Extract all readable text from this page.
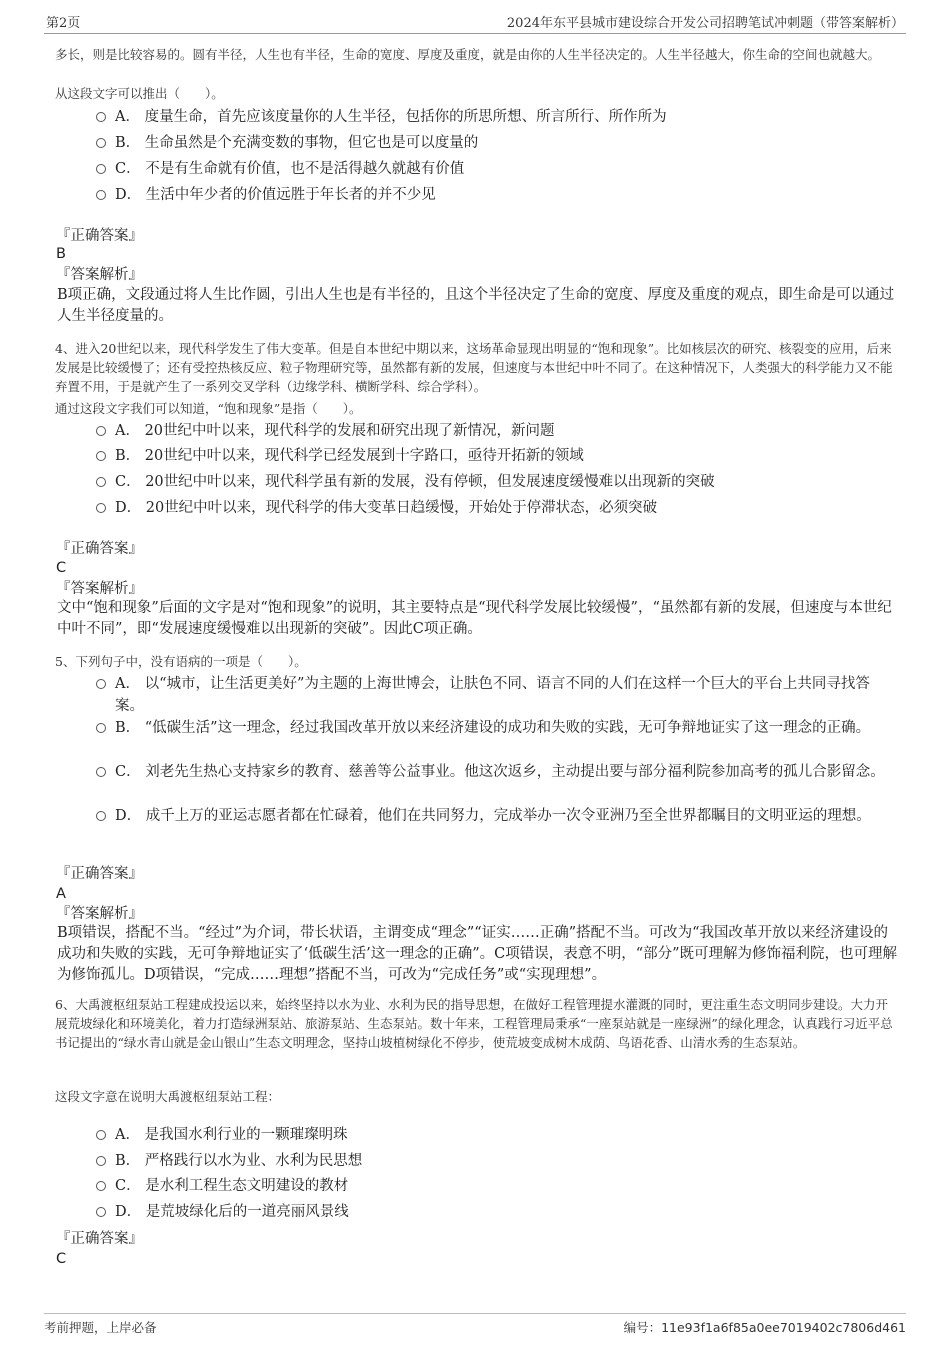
第2页	2024年东平县城市建设综合开发公司招聘笔试冲刺题（带答案解析）
多长，则是比较容易的。圆有半径，人生也有半径，生命的宽度、厚度及重度，就是由你的人生半径决定的。人生半径越大，你生命的空间也就越大。
从这段文字可以推出（　　）。
A． 度量生命，首先应该度量你的人生半径，包括你的所思所想、所言所行、所作所为
B． 生命虽然是个充满变数的事物，但它也是可以度量的
C． 不是有生命就有价值，也不是活得越久就越有价值
D． 生活中年少者的价值远胜于年长者的并不少见
『正确答案』
B
『答案解析』
B项正确，文段通过将人生比作圆，引出人生也是有半径的，且这个半径决定了生命的宽度、厚度及重度的观点，即生命是可以通过人生半径度量的。
4、进入20世纪以来，现代科学发生了伟大变革。但是自本世纪中期以来，这场革命显现出明显的“饱和现象”。比如核层次的研究、核裂变的应用，后来发展是比较缓慢了；还有受控热核反应、粒子物理研究等，虽然都有新的发展，但速度与本世纪中叶不同了。在这种情况下，人类强大的科学能力又不能弃置不用，于是就产生了一系列交叉学科（边缘学科、横断学科、综合学科）。
通过这段文字我们可以知道，“饱和现象”是指（　　）。
A． 20世纪中叶以来，现代科学的发展和研究出现了新情况，新问题
B． 20世纪中叶以来，现代科学已经发展到十字路口，亟待开拓新的领域
C． 20世纪中叶以来，现代科学虽有新的发展，没有停顿，但发展速度缓慢难以出现新的突破
D． 20世纪中叶以来，现代科学的伟大变革日趋缓慢，开始处于停滞状态，必须突破
『正确答案』
C
『答案解析』
文中“饱和现象”后面的文字是对“饱和现象”的说明，其主要特点是“现代科学发展比较缓慢”，“虽然都有新的发展，但速度与本世纪中叶不同”，即“发展速度缓慢难以出现新的突破”。因此C项正确。
5、下列句子中，没有语病的一项是（　　）。
A． 以“城市，让生活更美好”为主题的上海世博会，让肤色不同、语言不同的人们在这样一个巨大的平台上共同寻找答案。
B． “低碳生活”这一理念，经过我国改革开放以来经济建设的成功和失败的实践，无可争辩地证实了这一理念的正确。
C． 刘老先生热心支持家乡的教育、慈善等公益事业。他这次返乡，主动提出要与部分福利院参加高考的孤儿合影留念。
D． 成千上万的亚运志愿者都在忙碌着，他们在共同努力，完成举办一次令亚洲乃至全世界都瞩目的文明亚运的理想。
『正确答案』
A
『答案解析』
B项错误，搭配不当。“经过”为介词，带长状语，主谓变成“理念”“证实……正确”搭配不当。可改为“我国改革开放以来经济建设的成功和失败的实践，无可争辩地证实了‘低碳生活’这一理念的正确”。C项错误，表意不明，“部分”既可理解为修饰福利院，也可理解为修饰孤儿。D项错误，“完成……理想”搭配不当，可改为“完成任务”或“实现理想”。
6、大禹渡枢纽泵站工程建成投运以来，始终坚持以水为业、水利为民的指导思想，在做好工程管理提水灌溉的同时，更注重生态文明同步建设。大力开展荒坡绿化和环境美化，着力打造绿洲泵站、旅游泵站、生态泵站。数十年来，工程管理局秉承“一座泵站就是一座绿洲”的绿化理念，认真践行习近平总书记提出的“绿水青山就是金山银山”生态文明理念，坚持山坡植树绿化不停步，使荒坡变成树木成荫、鸟语花香、山清水秀的生态泵站。
这段文字意在说明大禹渡枢纽泵站工程：
A． 是我国水利行业的一颗璀璨明珠
B． 严格践行以水为业、水利为民思想
C． 是水利工程生态文明建设的教材
D． 是荒坡绿化后的一道亮丽风景线
『正确答案』
C
考前押题，上岸必备	编号：11e93f1a6f85a0ee7019402c7806d461
